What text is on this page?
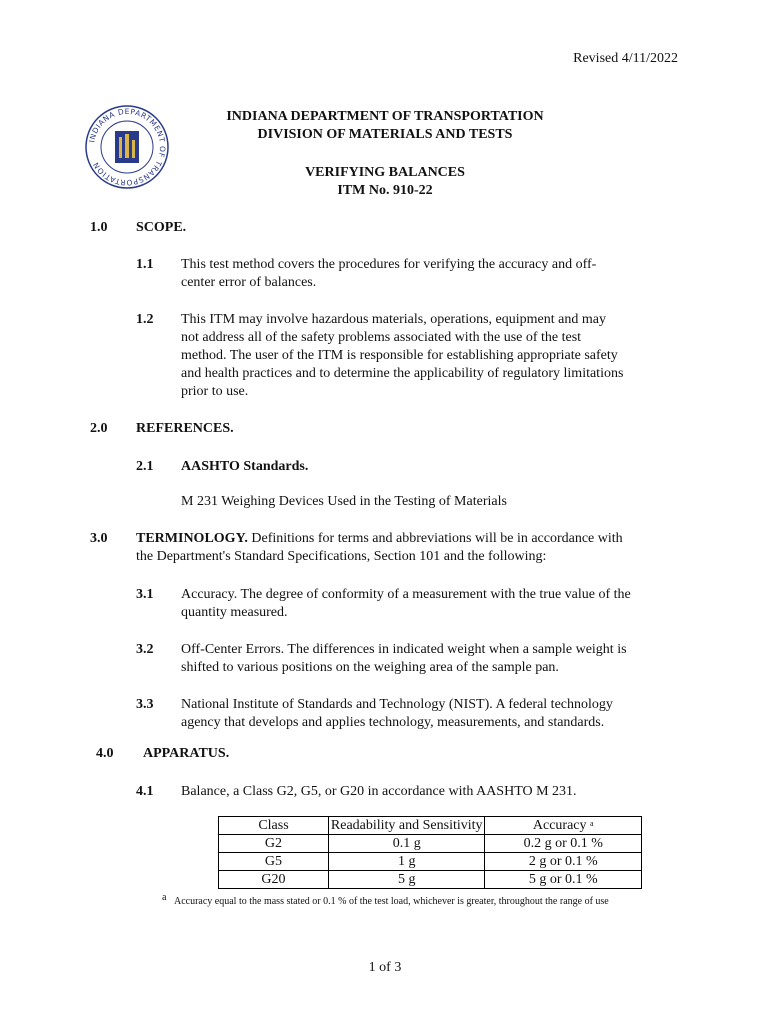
Revised 4/11/2022
INDIANA DEPARTMENT OF TRANSPORTATION
INDIANA DEPARTMENT OF TRANSPORTATION
DIVISION OF MATERIALS AND TESTS
VERIFYING BALANCES
ITM No. 910-22
1.0 SCOPE.
1.1 This test method covers the procedures for verifying the accuracy and off-
center error of balances.
1.2 This ITM may involve hazardous materials, operations, equipment and may
not address all of the safety problems associated with the use of the test
method. The user of the ITM is responsible for establishing appropriate safety
and health practices and to determine the applicability of regulatory limitations
prior to use.
2.0 REFERENCES.
2.1 AASHTO Standards.
M 231 Weighing Devices Used in the Testing of Materials
3.0 TERMINOLOGY. Definitions for terms and abbreviations will be in accordance with
the Department's Standard Specifications, Section 101 and the following:
3.1 Accuracy. The degree of conformity of a measurement with the true value of the
quantity measured.
3.2 Off-Center Errors. The differences in indicated weight when a sample weight is
shifted to various positions on the weighing area of the sample pan.
3.3 National Institute of Standards and Technology (NIST). A federal technology
agency that develops and applies technology, measurements, and standards.
4.0 APPARATUS.
4.1 Balance, a Class G2, G5, or G20 in accordance with AASHTO M 231.
Class	Readability and Sensitivity	Accuracy $^a$
G2	0.1 g	0.2 g or 0.1 %
G5	1 g	2 g or 0.1 %
G20	5 g	5 g or 0.1 %
a Accuracy equal to the mass stated or 0.1 % of the test load, whichever is greater, throughout the range of use
1 of 3
